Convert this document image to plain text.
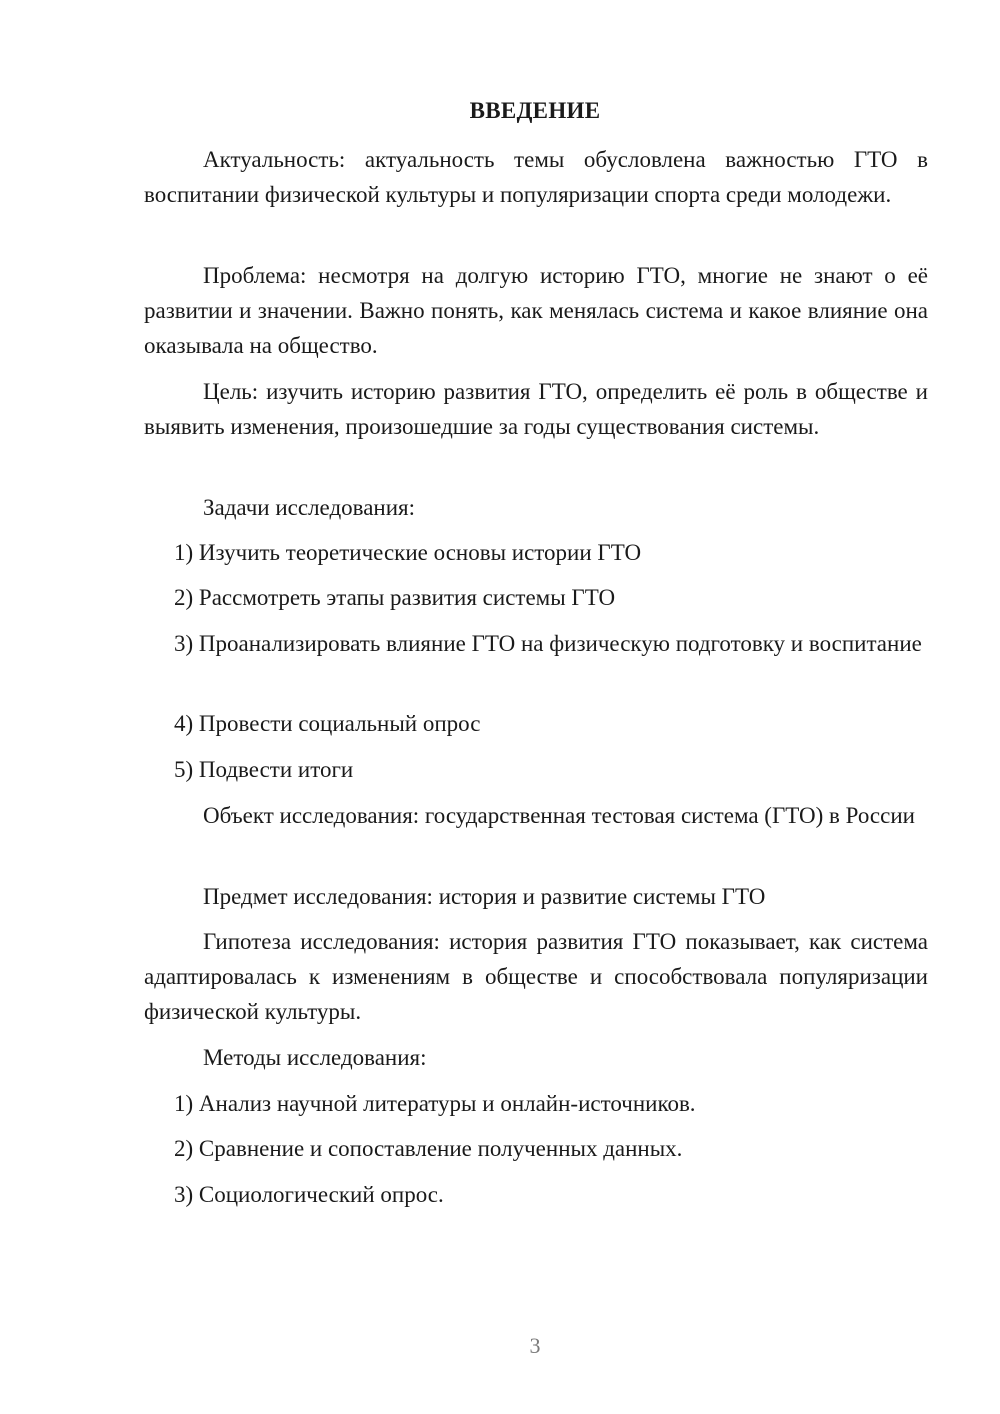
ВВЕДЕНИЕ

Актуальность: актуальность темы обусловлена важностью ГТО в воспитании физической культуры и популяризации спорта среди молодежи.

Проблема: несмотря на долгую историю ГТО, многие не знают о её развитии и значении. Важно понять, как менялась система и какое влияние она оказывала на общество.

Цель: изучить историю развития ГТО, определить её роль в обществе и выявить изменения, произошедшие за годы существования системы.

Задачи исследования:

1) Изучить теоретические основы истории ГТО

2) Рассмотреть этапы развития системы ГТО

3) Проанализировать влияние ГТО на физическую подготовку и воспитание

4) Провести социальный опрос

5) Подвести итоги

Объект исследования: государственная тестовая система (ГТО) в России

Предмет исследования: история и развитие системы ГТО

Гипотеза исследования: история развития ГТО показывает, как система адаптировалась к изменениям в обществе и способствовала популяризации физической культуры.

Методы исследования:

1) Анализ научной литературы и онлайн-источников.

2) Сравнение и сопоставление полученных данных.

3) Социологический опрос.

3
